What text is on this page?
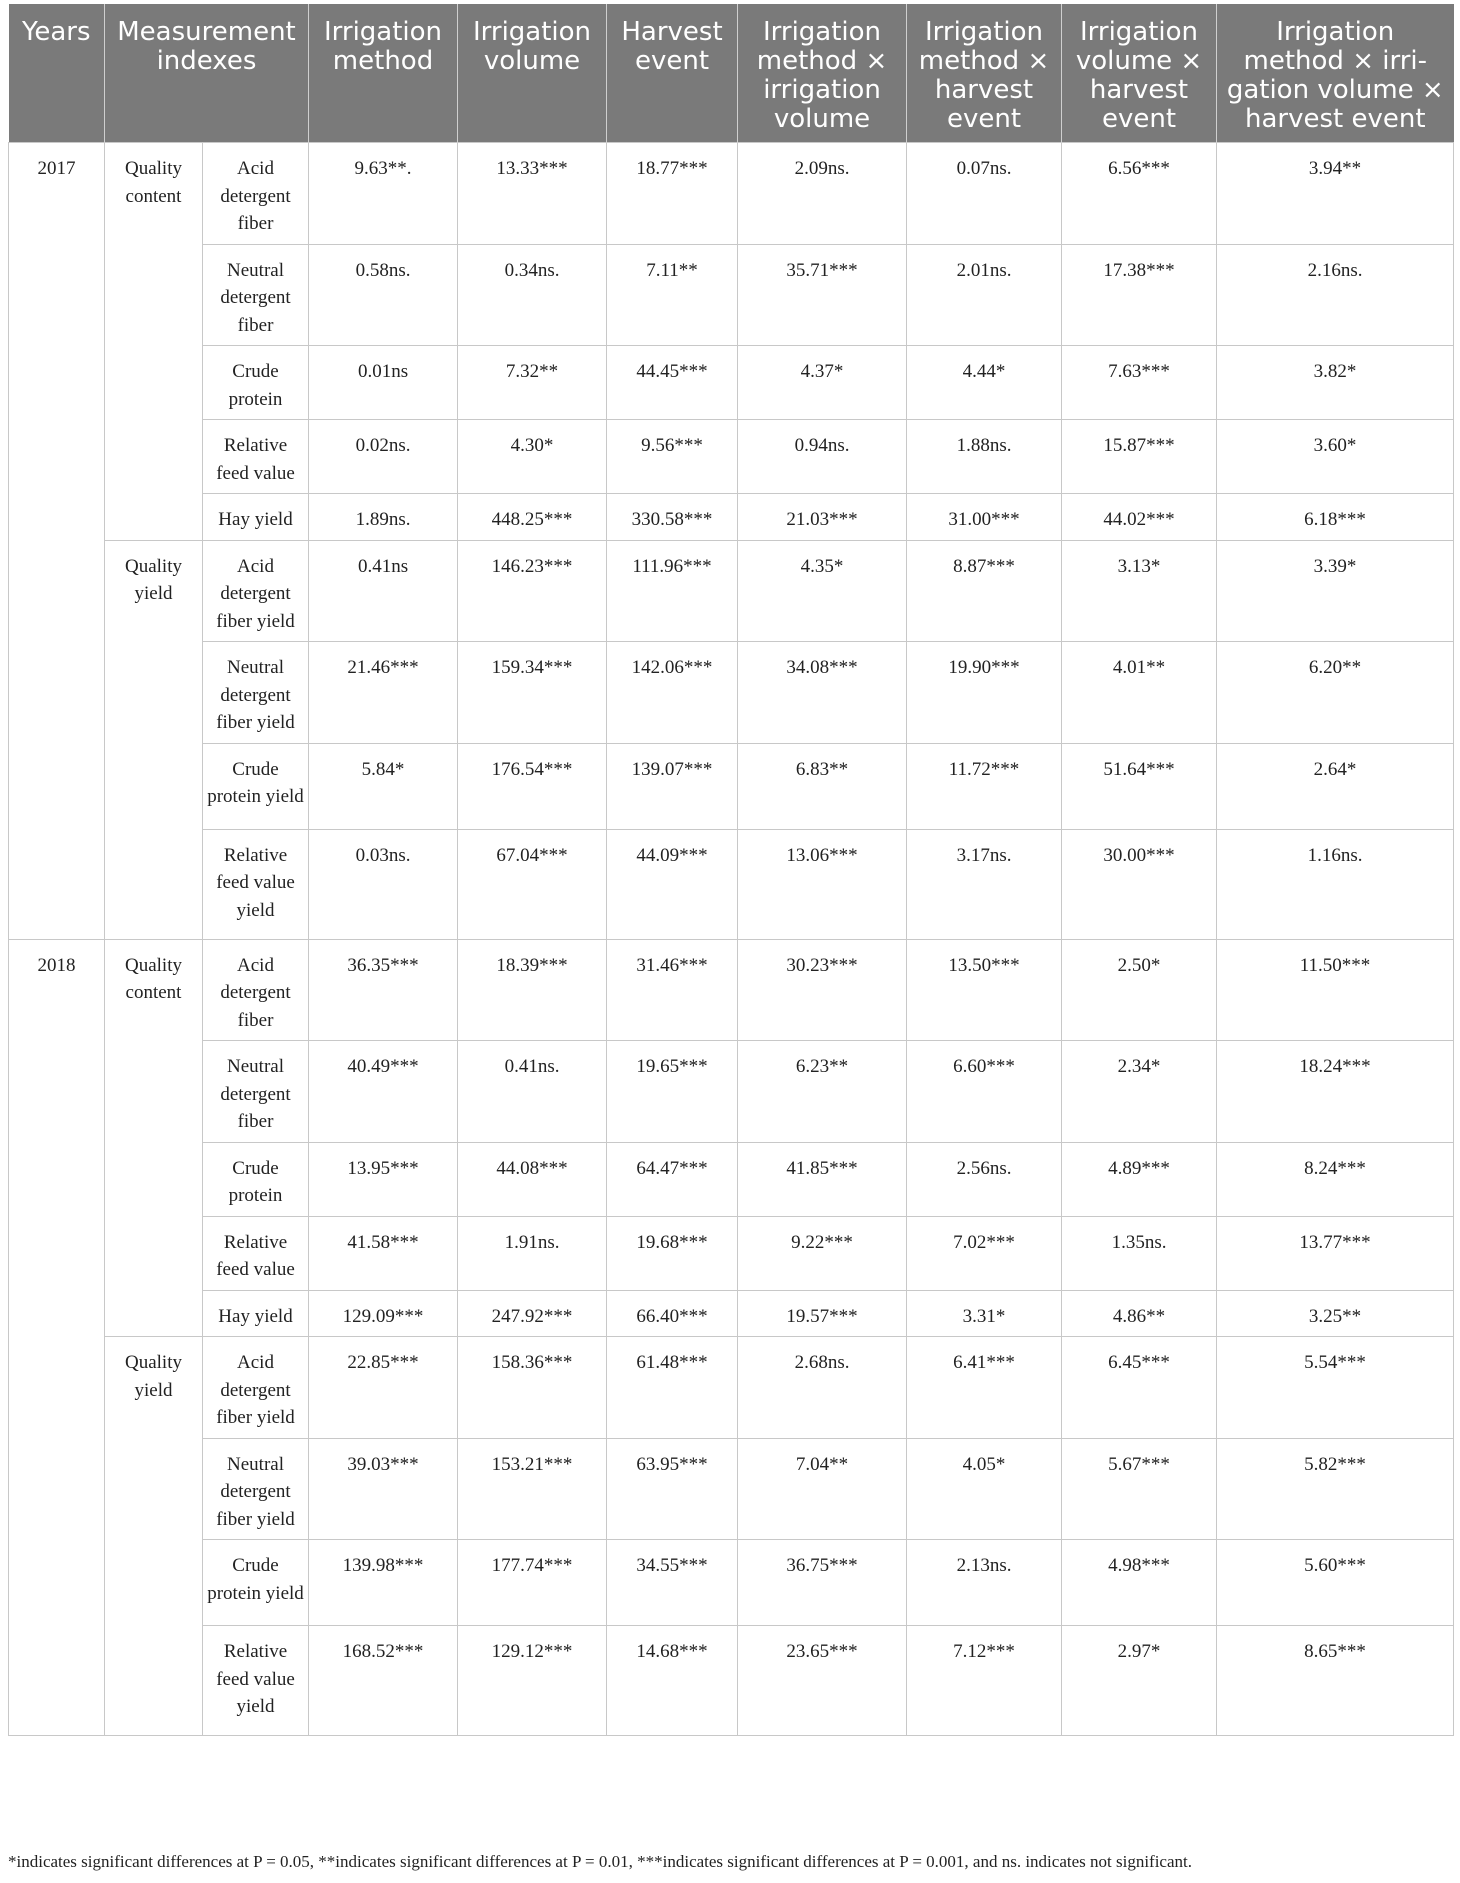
Years	Measurement indexes		Irrigation method	Irrigation volume	Harvest event	Irrigation method × irrigation volume	Irrigation method × harvest event	Irrigation volume × harvest event	Irrigation method × irri-gation volume × harvest event
2017	Quality content	Acid detergent fiber	9.63**.	13.33***	18.77***	2.09ns.	0.07ns.	6.56***	3.94**
		Neutral detergent fiber	0.58ns.	0.34ns.	7.11**	35.71***	2.01ns.	17.38***	2.16ns.
		Crude protein	0.01ns	7.32**	44.45***	4.37*	4.44*	7.63***	3.82*
		Relative feed value	0.02ns.	4.30*	9.56***	0.94ns.	1.88ns.	15.87***	3.60*
		Hay yield	1.89ns.	448.25***	330.58***	21.03***	31.00***	44.02***	6.18***
	Quality yield	Acid detergent fiber yield	0.41ns	146.23***	111.96***	4.35*	8.87***	3.13*	3.39*
		Neutral detergent fiber yield	21.46***	159.34***	142.06***	34.08***	19.90***	4.01**	6.20**
		Crude protein yield	5.84*	176.54***	139.07***	6.83**	11.72***	51.64***	2.64*
		Relative feed value yield	0.03ns.	67.04***	44.09***	13.06***	3.17ns.	30.00***	1.16ns.
2018	Quality content	Acid detergent fiber	36.35***	18.39***	31.46***	30.23***	13.50***	2.50*	11.50***
		Neutral detergent fiber	40.49***	0.41ns.	19.65***	6.23**	6.60***	2.34*	18.24***
		Crude protein	13.95***	44.08***	64.47***	41.85***	2.56ns.	4.89***	8.24***
		Relative feed value	41.58***	1.91ns.	19.68***	9.22***	7.02***	1.35ns.	13.77***
		Hay yield	129.09***	247.92***	66.40***	19.57***	3.31*	4.86**	3.25**
	Quality yield	Acid detergent fiber yield	22.85***	158.36***	61.48***	2.68ns.	6.41***	6.45***	5.54***
		Neutral detergent fiber yield	39.03***	153.21***	63.95***	7.04**	4.05*	5.67***	5.82***
		Crude protein yield	139.98***	177.74***	34.55***	36.75***	2.13ns.	4.98***	5.60***
		Relative feed value yield	168.52***	129.12***	14.68***	23.65***	7.12***	2.97*	8.65***
*indicates significant differences at P = 0.05, **indicates significant differences at P = 0.01, ***indicates significant differences at P = 0.001, and ns. indicates not significant.
